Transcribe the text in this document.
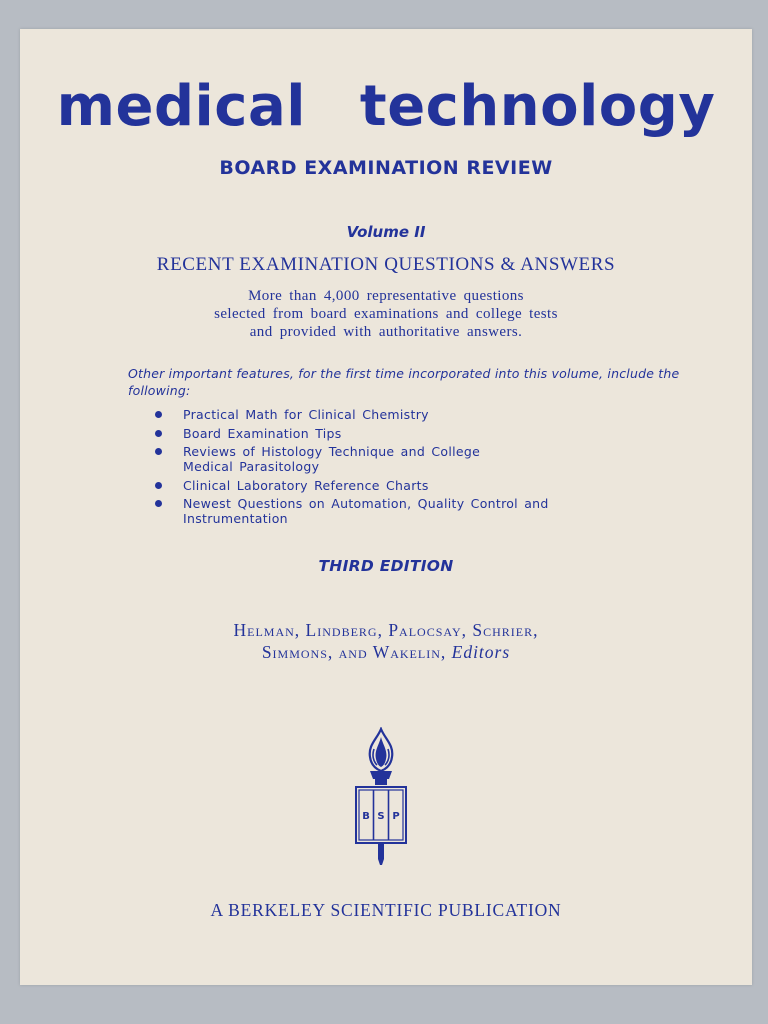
medical technology
BOARD EXAMINATION REVIEW
Volume II
RECENT EXAMINATION QUESTIONS & ANSWERS
More than 4,000 representative questions
selected from board examinations and college tests
and provided with authoritative answers.
Other important features, for the first time incorporated into this volume, include the following:
Practical Math for Clinical Chemistry
Board Examination Tips
Reviews of Histology Technique and College Medical Parasitology
Clinical Laboratory Reference Charts
Newest Questions on Automation, Quality Control and Instrumentation
THIRD EDITION
Helman, Lindberg, Palocsay, Schrier,
Simmons, and Wakelin, Editors
B S P
A BERKELEY SCIENTIFIC PUBLICATION
